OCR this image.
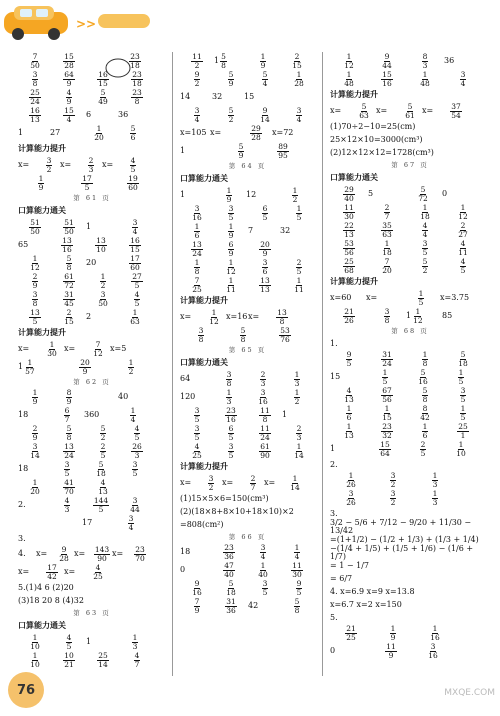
>>
$\frac{7}{50} \frac{15}{28}$	$\frac{23}{18}$
$\frac{3}{8} \frac{64}{9} \frac{16}{15} \frac{23}{18}$
$\frac{25}{24} \frac{4}{9} \frac{5}{49} \frac{23}{8}$
$\frac{16}{13} \frac{15}{4} 6$	36
1	27	$\frac{1}{20} \frac{5}{6}$
计算能力提升
x=	$\frac{3}{2} x=$	$\frac{2}{3} x=$	$\frac{4}{5}$
$\frac{1}{9} \frac{17}{5} \frac{19}{60}$
第 61 页
口算能力通关
$\frac{51}{50} \frac{51}{50} 1$	$\frac{3}{4}$
65	$\frac{13}{16} \frac{13}{10} \frac{16}{15}$
$\frac{1}{12} \frac{5}{8} 20$	$\frac{17}{60}$
$\frac{2}{9} \frac{61}{72} \frac{1}{2} \frac{27}{5}$
$\frac{3}{8} \frac{31}{45} \frac{3}{50} \frac{4}{5}$
$\frac{13}{5} \frac{2}{15} 2$	$\frac{1}{63}$
计算能力提升
x=	$\frac{1}{30} x=$	$\frac{7}{12} x=5$
$1 \frac{1}{57}$	$\frac{20}{9} \frac{1}{2}$
第 62 页
$\frac{1}{9} \frac{8}{9}$	40
18	$\frac{6}{7} 360$	$\frac{1}{4}$
$\frac{2}{9} \frac{5}{8} \frac{5}{2} \frac{4}{5}$
$\frac{3}{14} \frac{13}{24} \frac{2}{5} \frac{26}{3}$
18	$\frac{3}{5} \frac{5}{18} \frac{3}{5}$
$\frac{1}{20} \frac{41}{70} \frac{4}{13}$
2.	$\frac{4}{3} \frac{144}{5} \frac{3}{44}$
17	$\frac{3}{4}$
3.
4.	x=	$\frac{9}{28} x=$	$\frac{143}{90} x=$	$\frac{23}{70}$
x=	$\frac{17}{42} x=$	$\frac{4}{25}$
5.(1)4 6 (2)20
(3)18 20 8 (4)32
第 63 页
口算能力通关
$\frac{1}{10} \frac{4}{5} 1$	$\frac{1}{3}$
$\frac{1}{10} \frac{10}{21} \frac{25}{14} \frac{4}{7}$
$\frac{11}{2} 1 \frac{5}{8}$	$\frac{1}{9} \frac{2}{15}$
$\frac{9}{2} \frac{5}{9} \frac{5}{4} \frac{1}{28}$
14	32	15
$\frac{3}{4} \frac{5}{2} \frac{9}{14} \frac{3}{4}$
x=105 x=	$\frac{29}{28} x=72$
1	$\frac{5}{9} \frac{89}{95}$
第 64 页
口算能力通关
1	$\frac{1}{9} 12$	$\frac{1}{2}$
$\frac{3}{16} \frac{3}{5} \frac{6}{5} \frac{1}{5}$
$\frac{1}{6} \frac{1}{9} 7$	32
$\frac{13}{24} \frac{6}{9} \frac{20}{9}$
$\frac{1}{8} \frac{1}{12} \frac{3}{6} \frac{2}{5}$
$\frac{7}{25} \frac{1}{11} \frac{13}{13} \frac{1}{11}$
计算能力提升
x=	$\frac{1}{12} x=16$ x=	$\frac{13}{8}$
$\frac{3}{8} \frac{5}{8} \frac{53}{76}$
第 65 页
口算能力通关
64	$\frac{3}{8} \frac{2}{3} \frac{1}{3}$
120	$\frac{1}{3} \frac{3}{16} \frac{1}{2}$
$\frac{3}{5} \frac{23}{16} \frac{11}{8} 1$
$\frac{3}{5} \frac{6}{5} \frac{11}{24} \frac{2}{3}$
$\frac{4}{25} \frac{3}{5} \frac{61}{90} \frac{1}{14}$
计算能力提升
x=	$\frac{3}{2} x=$	$\frac{2}{7} x=$	$\frac{1}{14}$
(1)15×5×6=150(cm³)
(2)(18×8+8×10+18×10)×2
=808(cm²)
第 66 页
18	$\frac{23}{36} \frac{3}{4} \frac{1}{4}$
0	$\frac{47}{40} \frac{1}{40} \frac{11}{30}$
$\frac{9}{16} \frac{5}{18} \frac{3}{5} \frac{9}{5}$
$\frac{7}{9} \frac{31}{36} 42$	$\frac{5}{8}$
$\frac{1}{12} \frac{9}{44} \frac{8}{3} 36$
$\frac{1}{48} \frac{15}{16} \frac{1}{48} \frac{3}{4}$
计算能力提升
x=	$\frac{5}{63} x=$	$\frac{5}{61} x=$	$\frac{37}{54}$
(1)70÷2−10=25(cm)
25×12×10=3000(cm³)
(2)12×12×12=1728(cm³)
第 67 页
口算能力通关
$\frac{29}{40} 5$	$\frac{5}{72} 0$
$\frac{11}{30} \frac{2}{7} \frac{1}{18} \frac{1}{12}$
$\frac{22}{13} \frac{35}{63} \frac{4}{4} \frac{2}{27}$
$\frac{53}{56} \frac{1}{18} \frac{3}{5} \frac{4}{11}$
$\frac{25}{68} \frac{7}{20} \frac{5}{2} \frac{4}{5}$
计算能力提升
x=60	x=	$\frac{1}{5} x=3.75$
$\frac{21}{26} \frac{3}{8} 1 \frac{1}{12} 85$
第 68 页
1.
$\frac{9}{5} \frac{31}{24} \frac{1}{8} \frac{5}{18}$
15	$\frac{1}{5} \frac{5}{16} \frac{1}{5}$
$\frac{4}{13} \frac{67}{56} \frac{5}{8} \frac{3}{5}$
$\frac{1}{6} \frac{1}{15} \frac{8}{42} \frac{1}{5}$
$\frac{1}{13} \frac{23}{32} \frac{1}{6} \frac{25}{1}$
1	$\frac{15}{64} \frac{2}{5} \frac{1}{10}$
2.
$\frac{1}{26} \frac{3}{2} \frac{1}{3}$
$\frac{3}{26} \frac{3}{2} \frac{1}{3}$
3.
3/2 − 5/6 + 7/12 − 9/20 + 11/30 − 13/42
=(1+1/2) − (1/2 + 1/3) + (1/3 + 1/4)
−(1/4 + 1/5) + (1/5 + 1/6) − (1/6 + 1/7)
= 1 − 1/7
= 6/7
4. x=6.9 x=9 x=13.8
x=6.7 x=2 x=150
5.
$\frac{21}{25} \frac{1}{9} \frac{1}{16}$
0	$\frac{11}{9} \frac{3}{16}$
76	MXQE.COM
